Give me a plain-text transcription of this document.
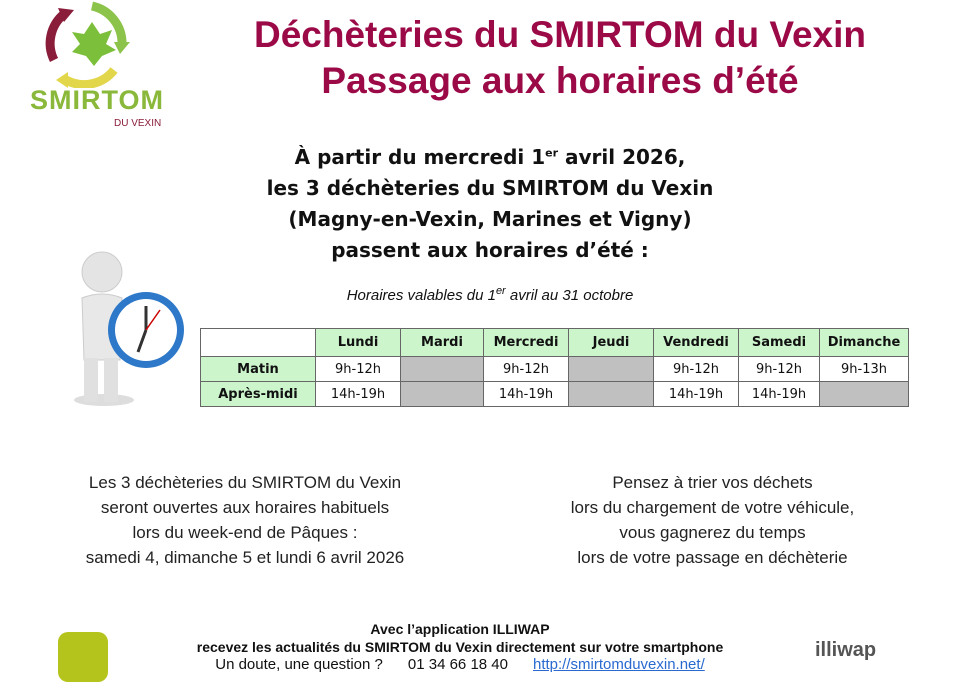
SMIRTOM
DU VEXIN
Déchèteries du SMIRTOM du Vexin
Passage aux horaires d’été
À partir du mercredi 1er avril 2026,
les 3 déchèteries du SMIRTOM du Vexin
(Magny-en-Vexin, Marines et Vigny)
passent aux horaires d’été :
Horaires valables du 1er avril au 31 octobre
	Lundi	Mardi	Mercredi	Jeudi	Vendredi	Samedi	Dimanche
Matin	9h-12h		9h-12h		9h-12h	9h-12h	9h-13h
Après-midi	14h-19h		14h-19h		14h-19h	14h-19h	
Les 3 déchèteries du SMIRTOM du Vexin
seront ouvertes aux horaires habituels
lors du week-end de Pâques :
samedi 4, dimanche 5 et lundi 6 avril 2026
Pensez à trier vos déchets
lors du chargement de votre véhicule,
vous gagnerez du temps
lors de votre passage en déchèterie
Avec l’application ILLIWAP
recevez les actualités du SMIRTOM du Vexin directement sur votre smartphone
Un doute, une question ? 01 34 66 18 40 http://smirtomduvexin.net/
illiwap
